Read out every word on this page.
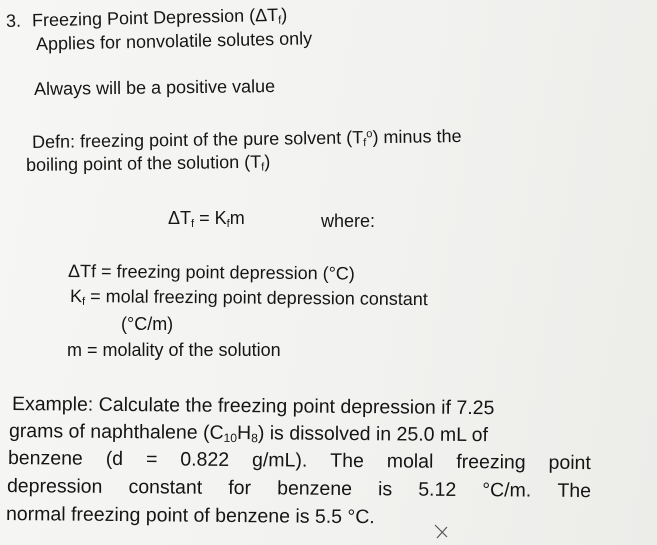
3. Freezing Point Depression $(\Delta T_f)$
Applies for nonvolatile solutes only
Always will be a positive value
Defn: freezing point of the pure solvent $(T_f^o)$ minus the
boiling point of the solution $(T_f)$
$\Delta T_f = K_fm$	where:
ΔTf = freezing point depression (°C)
$K_f$ = molal freezing point depression constant
(°C/m)
m = molality of the solution
Example: Calculate the freezing point depression if 7.25
grams of naphthalene $(C_{10}H_8)$ is dissolved in 25.0 mL of
benzene (d = 0.822 g/mL). The molal freezing point
depression constant for benzene is 5.12 °C/m. The
normal freezing point of benzene is 5.5 °C.
